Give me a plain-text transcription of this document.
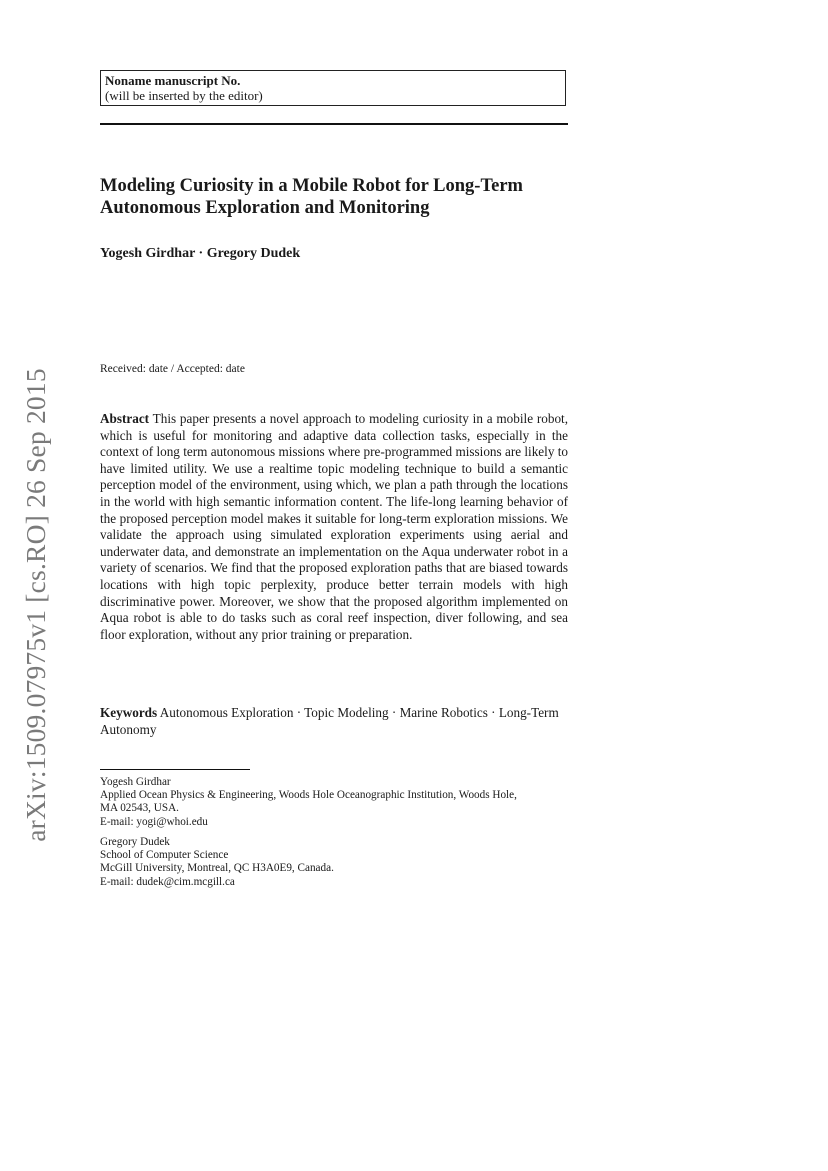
Noname manuscript No.
(will be inserted by the editor)
Modeling Curiosity in a Mobile Robot for Long-Term
Autonomous Exploration and Monitoring
Yogesh Girdhar · Gregory Dudek
Received: date / Accepted: date
Abstract This paper presents a novel approach to modeling curiosity in a mobile robot, which is useful for monitoring and adaptive data collection tasks, especially in the context of long term autonomous missions where pre-programmed missions are likely to have limited utility. We use a realtime topic modeling technique to build a semantic perception model of the environment, using which, we plan a path through the locations in the world with high semantic information content. The life-long learning behavior of the proposed perception model makes it suitable for long-term exploration missions. We validate the approach using simulated exploration experiments using aerial and underwater data, and demonstrate an implementation on the Aqua underwater robot in a variety of scenarios. We find that the proposed exploration paths that are biased towards locations with high topic perplexity, produce better terrain models with high discriminative power. Moreover, we show that the proposed algorithm implemented on Aqua robot is able to do tasks such as coral reef inspection, diver following, and sea floor exploration, without any prior training or preparation.
Keywords Autonomous Exploration · Topic Modeling · Marine Robotics · Long-Term Autonomy
Yogesh Girdhar
Applied Ocean Physics & Engineering, Woods Hole Oceanographic Institution, Woods Hole,
MA 02543, USA.
E-mail: yogi@whoi.edu
Gregory Dudek
School of Computer Science
McGill University, Montreal, QC H3A0E9, Canada.
E-mail: dudek@cim.mcgill.ca
arXiv:1509.07975v1 [cs.RO] 26 Sep 2015
